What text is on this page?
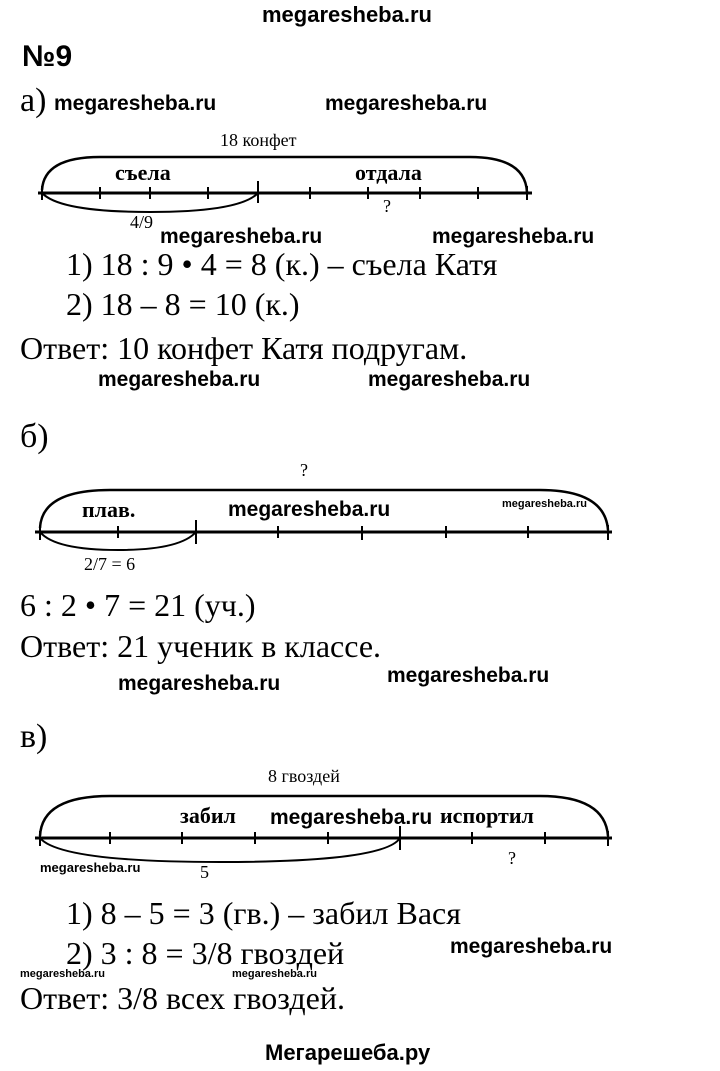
megaresheba.ru
№9
а) megaresheba.ru	megaresheba.ru
18 конфет
съела	отдала
?
4/9
megaresheba.ru	megaresheba.ru
1) 18 : 9 • 4 = 8 (к.) – съела Катя
2) 18 – 8 = 10 (к.)
Ответ: 10 конфет Катя подругам.
megaresheba.ru	megaresheba.ru
б)
?
плав.	megaresheba.ru	megaresheba.ru
2/7 = 6
6 : 2 • 7 = 21 (уч.)
Ответ: 21 ученик в классе.
megaresheba.ru	megaresheba.ru
в)
8 гвоздей
забил megaresheba.ru испортил
megaresheba.ru	5
?
1) 8 – 5 = 3 (гв.) – забил Вася
2) 3 : 8 = 3/8 гвоздей	megaresheba.ru
megaresheba.ru	megaresheba.ru
Ответ: 3/8 всех гвоздей.
Мегарешеба.ру
